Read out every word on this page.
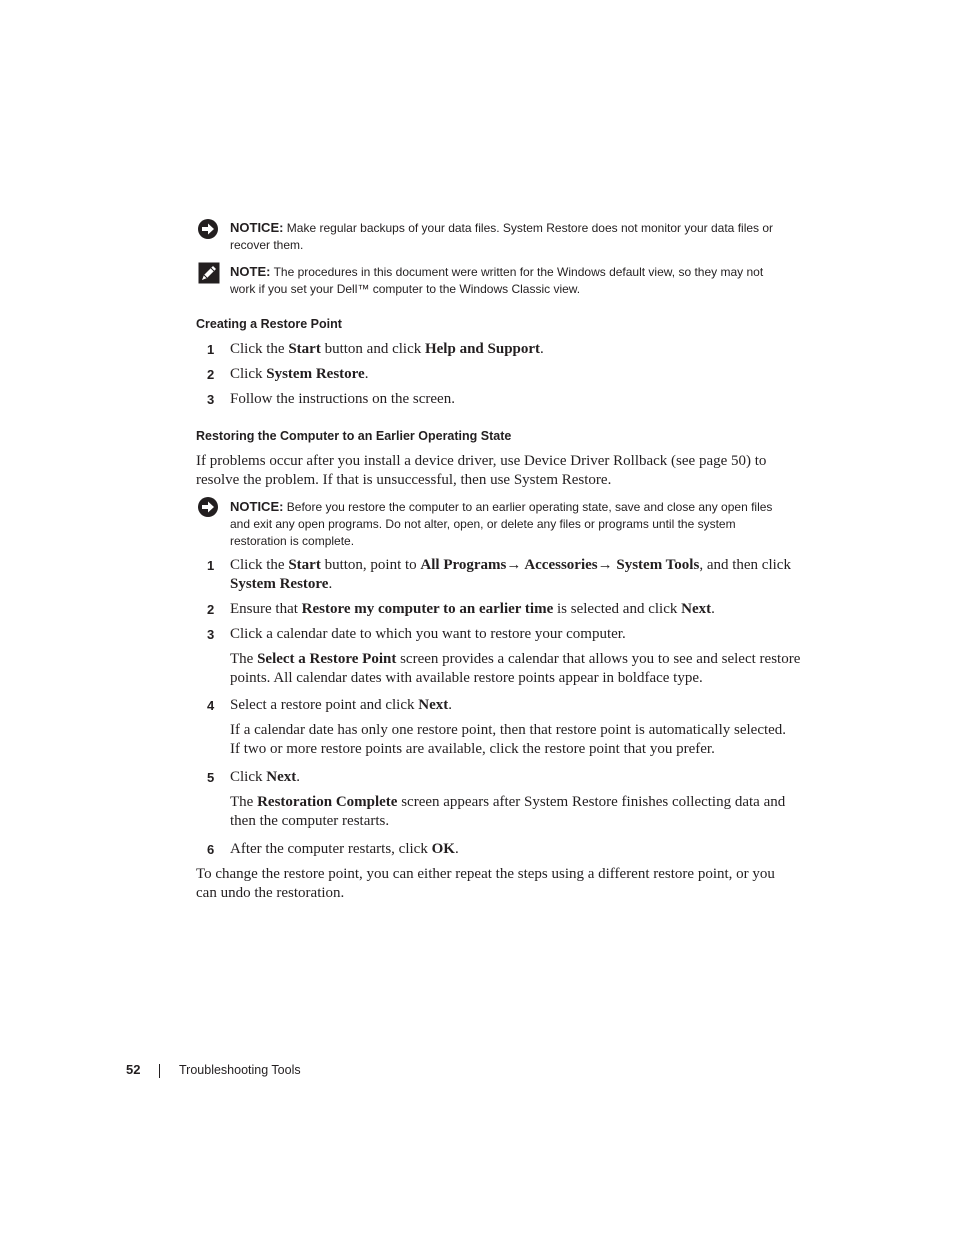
NOTICE: Make regular backups of your data files. System Restore does not monitor your data files or
recover them.
NOTE: The procedures in this document were written for the Windows default view, so they may not
work if you set your Dell™ computer to the Windows Classic view.
Creating a Restore Point
1 Click the Start button and click Help and Support.
2 Click System Restore.
3 Follow the instructions on the screen.
Restoring the Computer to an Earlier Operating State
If problems occur after you install a device driver, use Device Driver Rollback (see page 50) to
resolve the problem. If that is unsuccessful, then use System Restore.
NOTICE: Before you restore the computer to an earlier operating state, save and close any open files
and exit any open programs. Do not alter, open, or delete any files or programs until the system
restoration is complete.
1 Click the Start button, point to All Programs→ Accessories→ System Tools, and then click
System Restore.
2 Ensure that Restore my computer to an earlier time is selected and click Next.
3 Click a calendar date to which you want to restore your computer.
The Select a Restore Point screen provides a calendar that allows you to see and select restore
points. All calendar dates with available restore points appear in boldface type.
4 Select a restore point and click Next.
If a calendar date has only one restore point, then that restore point is automatically selected.
If two or more restore points are available, click the restore point that you prefer.
5 Click Next.
The Restoration Complete screen appears after System Restore finishes collecting data and
then the computer restarts.
6 After the computer restarts, click OK.
To change the restore point, you can either repeat the steps using a different restore point, or you
can undo the restoration.
52	Troubleshooting Tools
